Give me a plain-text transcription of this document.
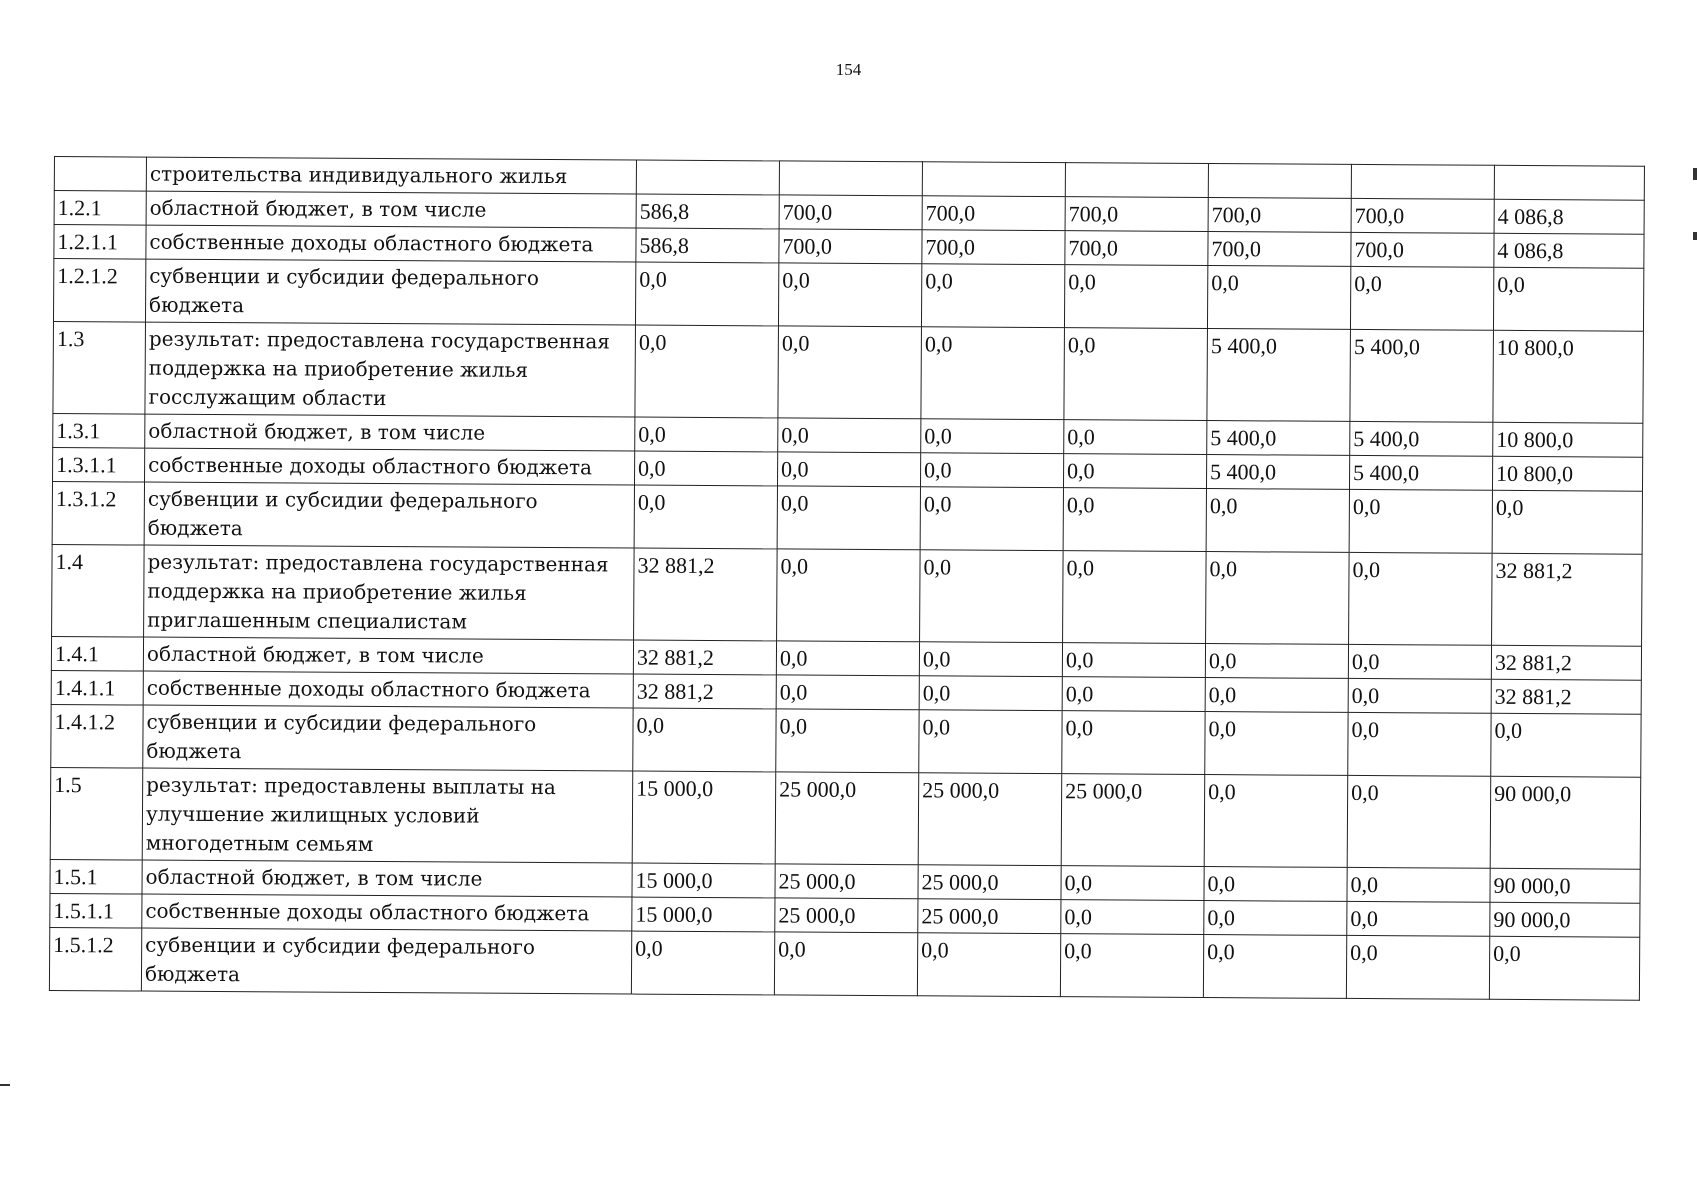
154
	строительства индивидуального жилья							
1.2.1	областной бюджет, в том числе	586,8	700,0	700,0	700,0	700,0	700,0	4 086,8
1.2.1.1	собственные доходы областного бюджета	586,8	700,0	700,0	700,0	700,0	700,0	4 086,8
1.2.1.2	субвенции и субсидии федерального бюджета	0,0	0,0	0,0	0,0	0,0	0,0	0,0
1.3	результат: предоставлена государственная поддержка на приобретение жилья госслужащим области	0,0	0,0	0,0	0,0	5 400,0	5 400,0	10 800,0
1.3.1	областной бюджет, в том числе	0,0	0,0	0,0	0,0	5 400,0	5 400,0	10 800,0
1.3.1.1	собственные доходы областного бюджета	0,0	0,0	0,0	0,0	5 400,0	5 400,0	10 800,0
1.3.1.2	субвенции и субсидии федерального бюджета	0,0	0,0	0,0	0,0	0,0	0,0	0,0
1.4	результат: предоставлена государственная поддержка на приобретение жилья приглашенным специалистам	32 881,2	0,0	0,0	0,0	0,0	0,0	32 881,2
1.4.1	областной бюджет, в том числе	32 881,2	0,0	0,0	0,0	0,0	0,0	32 881,2
1.4.1.1	собственные доходы областного бюджета	32 881,2	0,0	0,0	0,0	0,0	0,0	32 881,2
1.4.1.2	субвенции и субсидии федерального бюджета	0,0	0,0	0,0	0,0	0,0	0,0	0,0
1.5	результат: предоставлены выплаты на улучшение жилищных условий многодетным семьям	15 000,0	25 000,0	25 000,0	25 000,0	0,0	0,0	90 000,0
1.5.1	областной бюджет, в том числе	15 000,0	25 000,0	25 000,0	0,0	0,0	0,0	90 000,0
1.5.1.1	собственные доходы областного бюджета	15 000,0	25 000,0	25 000,0	0,0	0,0	0,0	90 000,0
1.5.1.2	субвенции и субсидии федерального бюджета	0,0	0,0	0,0	0,0	0,0	0,0	0,0
